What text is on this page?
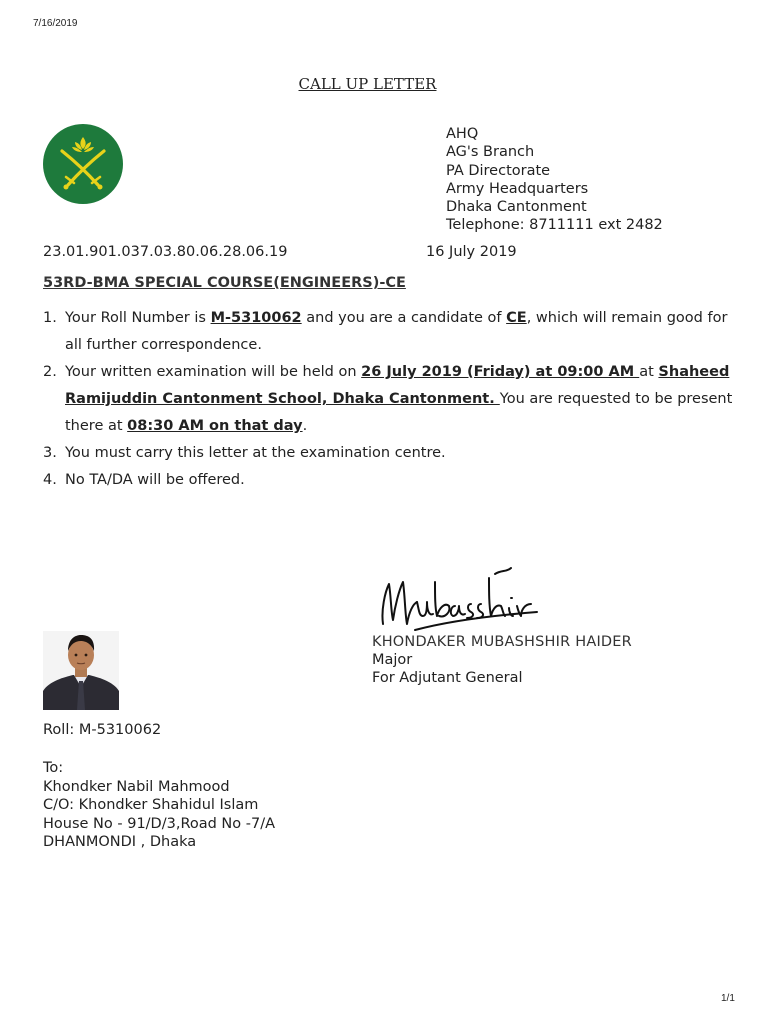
7/16/2019
CALL UP LETTER
AHQ
AG's Branch
PA Directorate
Army Headquarters
Dhaka Cantonment
Telephone: 8711111 ext 2482
23.01.901.037.03.80.06.28.06.19	16 July 2019
53RD-BMA SPECIAL COURSE(ENGINEERS)-CE
1. Your Roll Number is M-5310062 and you are a candidate of CE, which will remain good for all further correspondence.
2. Your written examination will be held on 26 July 2019 (Friday) at 09:00 AM at Shaheed Ramijuddin Cantonment School, Dhaka Cantonment. You are requested to be present there at 08:30 AM on that day.
3. You must carry this letter at the examination centre.
4. No TA/DA will be offered.
KHONDAKER MUBASHSHIR HAIDER
Major
For Adjutant General
Roll: M-5310062
To:
Khondker Nabil Mahmood
C/O: Khondker Shahidul Islam
House No - 91/D/3,Road No -7/A
DHANMONDI , Dhaka
1/1
